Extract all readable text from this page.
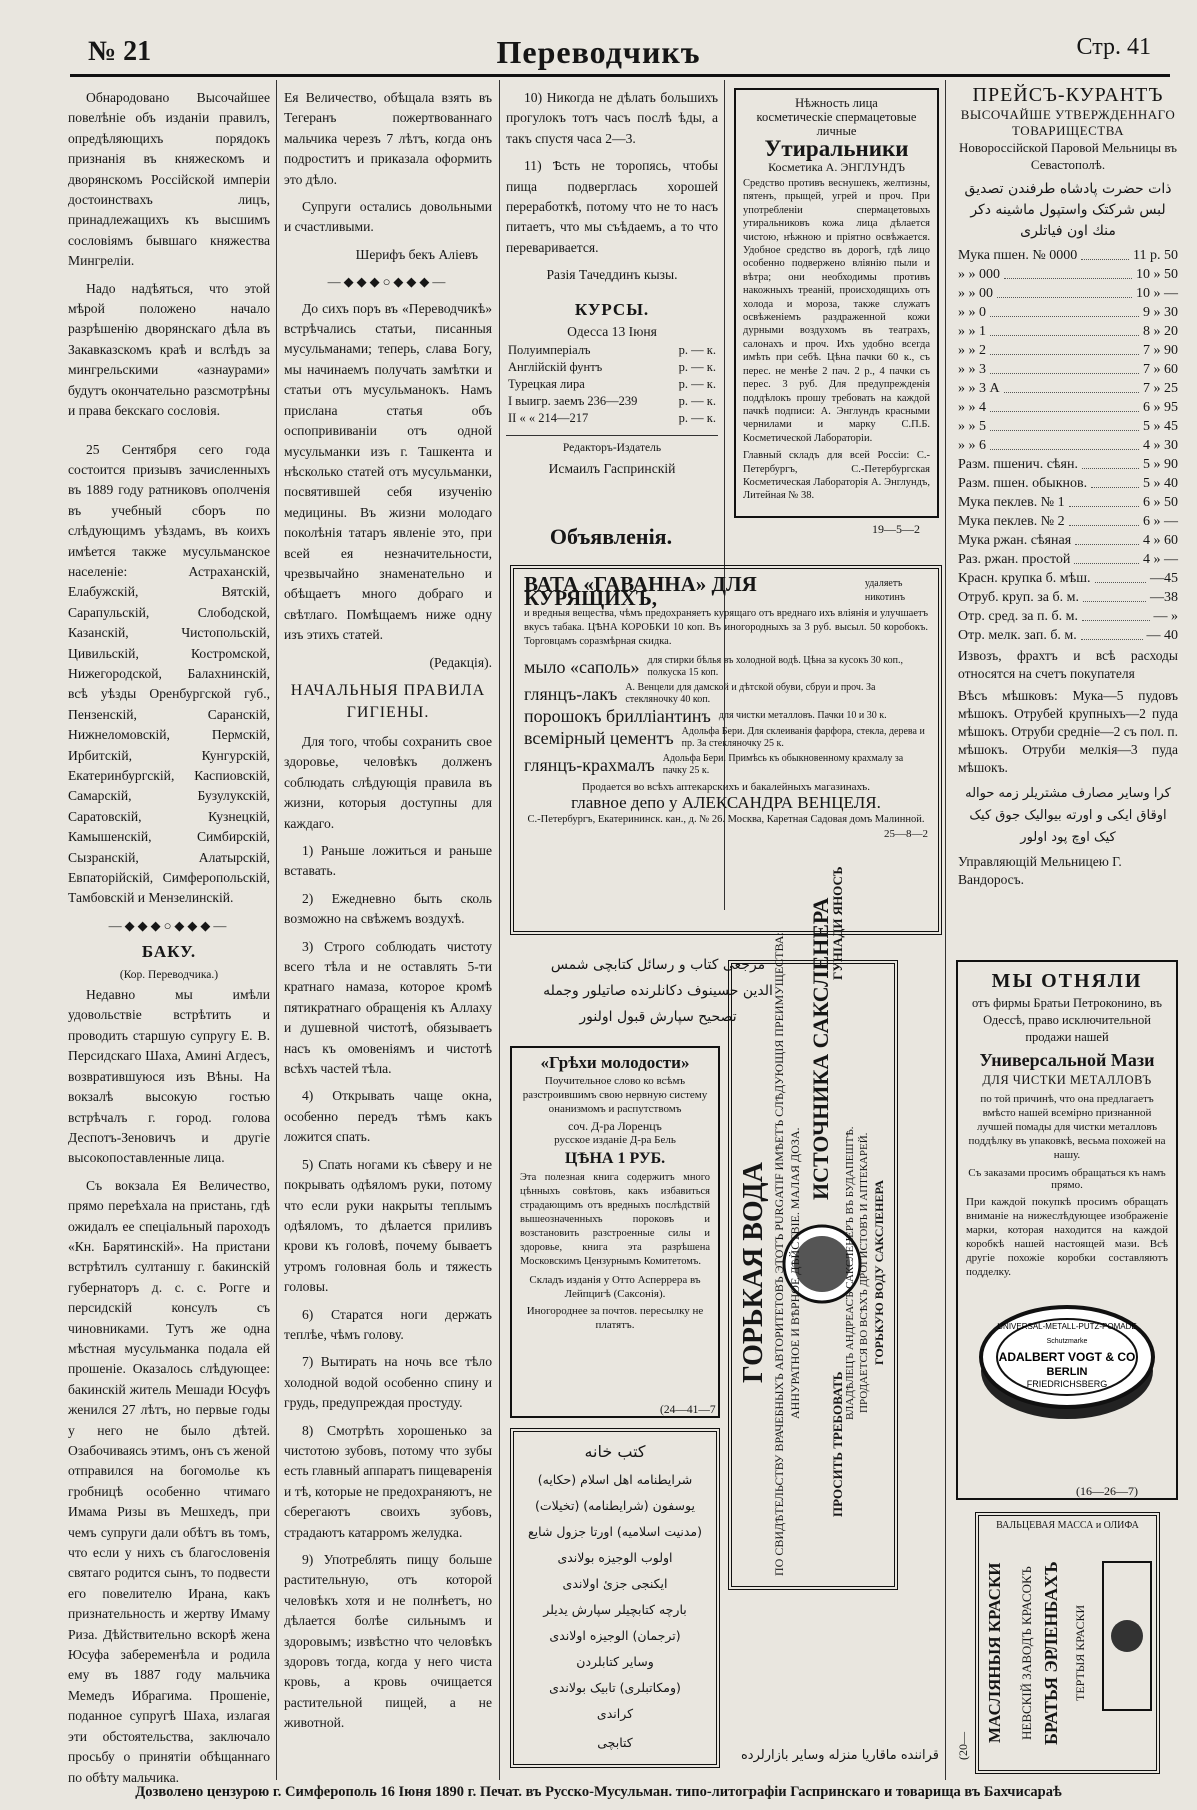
№ 21	Переводчикъ	Стр. 41

Обнародовано Высочайшее повелѣніе объ изданіи правилъ, опредѣляющихъ порядокъ признанія въ княжескомъ и дворянскомъ Россійской имперіи достоинствахъ лицъ, принадлежащихъ къ высшимъ сословіямъ бывшаго княжества Мингреліи.

Надо надѣяться, что этой мѣрой положено начало разрѣшенію дворянскаго дѣла въ Закавказскомъ краѣ и вслѣдъ за мингрельскими «азнаурами» будутъ окончательно разсмотрѣны и права бекскаго сословія.

25 Сентября сего года состоится призывъ зачисленныхъ въ 1889 году ратниковъ ополченія въ учебный сборъ по слѣдующимъ уѣздамъ, въ коихъ имѣется также мусульманское населеніе: Астраханскій, Елабужскій, Вятскій, Сарапульскій, Слободской, Казанскій, Чистопольскій, Цивильскій, Костромской, Нижегородской, Балахнинскій, всѣ уѣзды Оренбургской губ., Пензенскій, Саранскій, Нижнеломовскій, Пермскій, Ирбитскій, Кунгурскій, Екатеринбургскій, Каспиовскій, Самарскій, Бузулукскій, Саратовскій, Кузнецкій, Камышенскій, Симбирскій, Сызранскій, Алатырскій, Евпаторійскій, Симферопольскій, Тамбовскій и Мензелинскій.

—◆◆◆○◆◆◆—
БАКУ.
(Кор. Переводчика.)

Недавно мы имѣли удовольствіе встрѣтить и проводить старшую супругу Е. В. Персидскаго Шаха, Амині Агдесъ, возвратившуюся изъ Вѣны. На вокзалѣ высокую гостью встрѣчалъ г. город. голова Деспотъ-Зеновичъ и другіе высокопоставленные лица.

Съ вокзала Ея Величество, прямо переѣхала на пристань, гдѣ ожидалъ ее спеціальный пароходъ «Кн. Барятинскій». На пристани встрѣтилъ султаншу г. бакинскій губернаторъ д. с. с. Рогге и персидскій консулъ съ чиновниками. Тутъ же одна мѣстная мусульманка подала ей прошеніе. Оказалось слѣдующее: бакинскій житель Мешади Юсуфъ женился 27 лѣтъ, но первые годы у него не было дѣтей. Озабочиваясь этимъ, онъ съ женой отправился на богомолье къ гробницѣ особенно чтимаго Имама Ризы въ Мешхедъ, при чемъ супруги дали обѣтъ въ томъ, что если у нихъ съ благословенія святаго родится сынъ, то подвести его повелителю Ирана, какъ признательность и жертву Имаму Риза. Дѣйствительно вскорѣ жена Юсуфа забеременѣла и родила ему въ 1887 году мальчика Мемедъ Ибрагима. Прошеніе, поданное супругѣ Шаха, излагая эти обстоятельства, заключало просьбу о принятіи обѣщаннаго по обѣту мальчика.

Ея Величество, обѣщала взять въ Тегеранъ пожертвованнаго мальчика черезъ 7 лѣтъ, когда онъ подроститъ и приказала оформить это дѣло.

Супруги остались довольными и счастливыми.

Шерифъ бекъ Алiевъ

—◆◆◆○◆◆◆—

До сихъ поръ въ «Переводчикѣ» встрѣчались статьи, писанныя мусульманами; теперь, слава Богу, мы начинаемъ получать замѣтки и статьи отъ мусульманокъ. Намъ прислана статья объ оспопрививаніи отъ одной мусульманки изъ г. Ташкента и нѣсколько статей отъ мусульманки, посвятившей себя изученію медицины. Въ жизни молодаго поколѣнія татаръ явленіе это, при всей ея незначительности, чрезвычайно знаменательно и обѣщаетъ много добраго и свѣтлаго. Помѣщаемъ ниже одну изъ этихъ статей.

(Редакція).

НАЧАЛЬНЫЯ ПРАВИЛА ГИГІЕНЫ.

Для того, чтобы сохранить свое здоровье, человѣкъ долженъ соблюдать слѣдующія правила въ жизни, которыя доступны для каждаго.

1) Раньше ложиться и раньше вставать.

2) Ежедневно быть сколь возможно на свѣжемъ воздухѣ.

3) Строго соблюдать чистоту всего тѣла и не оставлять 5-ти кратнаго намаза, которое кромѣ пятикратнаго обращенія къ Аллаху и душевной чистотѣ, обязываетъ насъ къ омовеніямъ и чистотѣ всѣхъ частей тѣла.

4) Открывать чаще окна, особенно передъ тѣмъ какъ ложится спать.

5) Спать ногами къ сѣверу и не покрывать одѣяломъ руки, потому что если руки накрыты теплымъ одѣяломъ, то дѣлается приливъ крови къ головѣ, почему бываетъ утромъ головная боль и тяжесть головы.

6) Старатся ноги держать теплѣе, чѣмъ голову.

7) Вытирать на ночь все тѣло холодной водой особенно спину и грудь, предупреждая простуду.

8) Смотрѣть хорошенько за чистотою зубовъ, потому что зубы есть главный аппаратъ пищеваренія и тѣ, которые не предохраняютъ, не сберегаютъ своихъ зубовъ, страдаютъ катарромъ желудка.

9) Употреблять пищу больше растительную, отъ которой человѣкъ хотя и не полнѣетъ, но дѣлается болѣе сильнымъ и здоровымъ; извѣстно что человѣкъ здоровъ тогда, когда у него чиста кровь, а кровь очищается растительной пищей, а не животной.

10) Никогда не дѣлать большихъ прогулокъ тотъ часъ послѣ ѣды, а такъ спустя часа 2—3.

11) Ѣсть не торопясь, чтобы пища подверглась хорошей переработкѣ, потому что не то насъ питаетъ, что мы съѣдаемъ, а то что переваривается.

Разія Тачеддинъ кызы.

КУРСЫ.
Одесса 13 Іюня
Полуимперіалъ	р. — к.
Англійскій фунтъ	р. — к.
Турецкая лира	р. — к.
I выигр. заемъ 236—239	р. — к.
II « « 214—217	р. — к.
Редакторъ-Издатель
Исмаилъ Гаспринскій
Объявленія.
Нѣжность лица
косметическіе спермацетовые личные
Утиральники
Косметика А. ЭНГЛУНДЪ
Средство противъ веснушекъ, желтизны, пятенъ, прыщей, угрей и проч. При употребленіи спермацетовыхъ утиральниковъ кожа лица дѣлается чистою, нѣжною и пріятно освѣжается. Удобное средство въ дорогѣ, гдѣ лицо особенно подвержено вліянію пыли и вѣтра; они необходимы противъ накожныхъ треаній, происходящихъ отъ холода и мороза, также служатъ освѣженіемъ раздраженной кожи дурными воздухомъ въ театрахъ, салонахъ и проч. Ихъ удобно всегда имѣть при себѣ. Цѣна пачки 60 к., съ перес. не менѣе 2 пач. 2 р., 4 пачки съ перес. 3 руб. Для предупрежденія поддѣлокъ прошу требовать на каждой пачкѣ подписи: А. Энглундъ красными чернилами и марку С.П.Б. Косметической Лабораторіи.
Главный складъ для всей Россіи: С.-Петербургъ, С.-Петербургская Косметическая Лабораторія А. Энглундъ, Литейная № 38.
19—5—2
ПРЕЙСЪ-КУРАНТЪ
ВЫСОЧАЙШЕ УТВЕРЖДЕННАГО ТОВАРИЩЕСТВА
Новороссійской Паровой Мельницы въ Севастополѣ.
ذات حضرت پادشاه طرفندن تصدیق
لبس شرکتک واستپول ماشینه دکر
منك اون فیاتلری
Мука пшен. № 0000	11 р. 50
» » 000	10 » 50
» » 00	10 » —
» » 0	9 » 30
» » 1	8 » 20
» » 2	7 » 90
» » 3	7 » 60
» » 3 А	7 » 25
» » 4	6 » 95
» » 5	5 » 45
» » 6	4 » 30
Разм. пшенич. сѣян.	5 » 90
Разм. пшен. обыкнов.	5 » 40
Мука пеклев. № 1	6 » 50
Мука пеклев. № 2	6 » —
Мука ржан. сѣяная	4 » 60
Раз. ржан. простой	4 » —
Красн. крупка б. мѣш.	—45
Отруб. круп. за б. м.	—38
Отр. сред. за п. б. м.	— »
Отр. мелк. зап. б. м.	— 40
Извозъ, фрахтъ и всѣ расходы относятся на счетъ покупателя
Вѣсъ мѣшковъ: Мука—5 пудовъ мѣшокъ. Отрубей крупныхъ—2 пуда мѣшокъ. Отруби средніе—2 съ пол. п. мѣшокъ. Отруби мелкія—3 пуда мѣшокъ.
کرا وسایر مصارف مشتریلر زمه حواله
اوقاق ایکی و اورته بیوالیک جوق کیک
کیک اوچ پود اولور
Управляющій Мельницею Г. Вандоросъ.
ВАТА «ГАВАННА» ДЛЯ КУРЯЩИХЪ,
удаляетъ никотинъ
и вредныя вещества, чѣмъ предохраняетъ курящаго отъ вреднаго ихъ вліянія и улучшаетъ вкусъ табака. ЦѢНА КОРОБКИ 10 коп. Въ иногородныхъ за 3 руб. высыл. 50 коробокъ. Торговцамъ соразмѣрная скидка.
мыло «саполь» для стирки бѣлья въ холодной водѣ. Цѣна за кусокъ 30 коп., полкуска 15 коп.
глянцъ-лакъ А. Венцели для дамской и дѣтской обуви, сбруи и проч. За стекляночку 40 коп.
порошокъ брилліантинъ для чистки металловъ. Пачки 10 и 30 к.
всемірный цементъ Адольфа Бери. Для склеиванія фарфора, стекла, дерева и пр. За стекляночку 25 к.
глянцъ-крахмалъ Адольфа Бери. Примѣсь къ обыкновенному крахмалу за пачку 25 к.
Продается во всѣхъ аптекарскихъ и бакалейныхъ магазинахъ.
главное депо у АЛЕКСАНДРА ВЕНЦЕЛЯ.
С.-Петербургъ, Екатерининск. кан., д. № 26. Москва, Каретная Садовая домъ Малинной.
25—8—2
مرجعی کتاب و رسائل کتابچی شمس
الدین حسینوف دکانلرنده صاتیلور وجمله
تصحیح سپارش قبول اولنور
«Грѣхи молодости»
Поучительное слово ко всѣмъ разстроившимъ свою нервную систему онанизмомъ и распутствомъ
соч. Д-ра Лоренцъ
русское изданіе Д-ра Бель
ЦѢНА 1 РУБ.
Эта полезная книга содержитъ много цѣнныхъ совѣтовъ, какъ избавиться страдающимъ отъ вредныхъ послѣдствій вышеозначенныхъ пороковъ и возстановить разстроенные силы и здоровье, книга эта разрѣшена Московскимъ Цензурнымъ Комитетомъ.
Складъ изданія у Отто Асперрера въ Лейпцигѣ (Саксонія).
Иногороднее за почтов. пересылку не платятъ.
(24—41—7
کتب خانه
شرایطنامه اهل اسلام (حکایه)
یوسفون (شرایطنامه) (تخیلات)
(مدنیت اسلامیه) اورتا جزول شایع
اولوب الوجیزه بولاندی
ایکنجی جزئ اولاندی
بارچه کتابچیلر سپارش یدیلر
(ترجمان) الوجیزه اولاندی
وسایر کتابلردن
(ومکاتبلری) تابیک بولاندی
کراندی
کتابچی
ГОРЬКАЯ ВОДА ПО СВИДѢТЕЛЬСТВУ ВРАЧЕБНЫХЪ АВТОРИТЕТОВЪ ЭТОТЪ PURGATIF ИМѢЕТЪ СЛѢДУЮЩІЯ ПРЕИМУЩЕСТВА: АННУРАТНОЕ И ВѢРНОЕ ДѢЙСТВІЕ. МАЛАЯ ДОЗА.
ИСТОЧНИКА САКСЛЕНЕРА
ВЛАДѢЛЕЦЪ АНДРЕАСЪ САКСЛЕНЕРЪ ВЪ БУДАПЕШТѢ. ПРОДАЕТСЯ ВО ВСѢХЪ ДРОГИСТОВЪ И АПТЕКАРЕЙ. ГОРЬКУЮ ВОДУ САКСЛЕНЕРА
ПРОСИТЬ ТРЕБОВАТЬ
ГУНІАДИ ЯНОСЪ
МЫ ОТНЯЛИ
отъ фирмы Братьи Петроконино, въ Одессѣ, право исключительной продажи нашей
Универсальной Мази
ДЛЯ ЧИСТКИ МЕТАЛЛОВЪ
по той причинѣ, что она предлагаетъ вмѣсто нашей всемірно признанной лучшей помады для чистки металловъ поддѣлку въ упаковкѣ, весьма похожей на нашу.
Съ заказами просимъ обращаться къ намъ прямо.
При каждой покупкѣ просимъ обращать вниманіе на нижеслѣдующее изображеніе марки, которая находится на каждой коробкѣ нашей настоящей мази. Всѣ другіе похожіе коробки составляютъ подделку.
UNIVERSAL-METALL-PUTZ-POMADE
Schutzmarke
ADALBERT VOGT & CO
BERLIN
FRIEDRICHSBERG
(16—26—7)
ВАЛЬЦЕВАЯ МАССА и ОЛИФА
МАСЛЯНЫЯ КРАСКИ НЕВСКІЙ ЗАВОДЪ КРАСОКЪ БРАТЬЯ ЭРЛЕНБАХЪ ТЕРТЫЯ КРАСКИ
(20—
قراننده ماقاریا منزله وسایر بازارلرده
Дозволено цензурою г. Симферополь 16 Іюня 1890 г. Печат. въ Русско-Мусульман. типо-литографіи Гаспринскаго и товарища въ Бахчисараѣ
